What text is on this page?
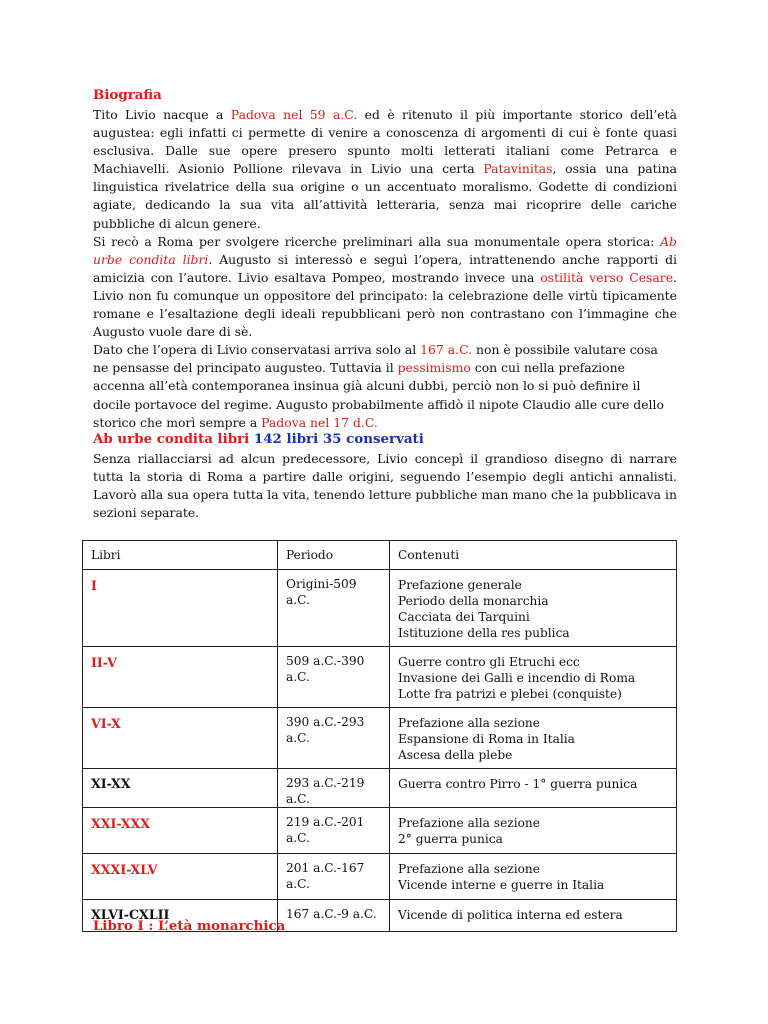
Biografia

Tito Livio nacque a Padova nel 59 a.C. ed è ritenuto il più importante storico dell’età augustea: egli infatti ci permette di venire a conoscenza di argomenti di cui è fonte quasi esclusiva. Dalle sue opere presero spunto molti letterati italiani come Petrarca e Machiavelli. Asionio Pollione rilevava in Livio una certa Patavinitas, ossia una patina linguistica rivelatrice della sua origine o un accentuato moralismo. Godette di condizioni agiate, dedicando la sua vita all’attività letteraria, senza mai ricoprire delle cariche pubbliche di alcun genere.

Si recò a Roma per svolgere ricerche preliminari alla sua monumentale opera storica: Ab urbe condita libri. Augusto si interessò e seguì l’opera, intrattenendo anche rapporti di amicizia con l’autore. Livio esaltava Pompeo, mostrando invece una ostilità verso Cesare. Livio non fu comunque un oppositore del principato: la celebrazione delle virtù tipicamente romane e l’esaltazione degli ideali repubblicani però non contrastano con l’immagine che Augusto vuole dare di sè.

Dato che l’opera di Livio conservatasi arriva solo al 167 a.C. non è possibile valutare cosa ne pensasse del principato augusteo. Tuttavia il pessimismo con cui nella prefazione accenna all’età contemporanea insinua già alcuni dubbi, perciò non lo si può definire il docile portavoce del regime. Augusto probabilmente affidò il nipote Claudio alle cure dello storico che morì sempre a Padova nel 17 d.C.

Ab urbe condita libri 142 libri 35 conservati

Senza riallacciarsi ad alcun predecessore, Livio concepì il grandioso disegno di narrare tutta la storia di Roma a partire dalle origini, seguendo l’esempio degli antichi annalisti. Lavorò alla sua opera tutta la vita, tenendo letture pubbliche man mano che la pubblicava in sezioni separate.

Libri	Periodo	Contenuti
I	Origini-509 a.C.	Prefazione generale
Periodo della monarchia
Cacciata dei Tarquini
Istituzione della res publica

II-V	509 a.C.-390 a.C.	Guerre contro gli Etruchi ecc
Invasione dei Galli e incendio di Roma
Lotte fra patrizi e plebei (conquiste)

VI-X	390 a.C.-293 a.C.	Prefazione alla sezione
Espansione di Roma in Italia
Ascesa della plebe

XI-XX	293 a.C.-219 a.C.	Guerra contro Pirro - 1° guerra punica

XXI-XXX	219 a.C.-201 a.C.	Prefazione alla sezione
2° guerra punica

XXXI-XLV	201 a.C.-167 a.C.	Prefazione alla sezione
Vicende interne e guerre in Italia

XLVI-CXLII	167 a.C.-9 a.C.	Vicende di politica interna ed estera
Libro I : L’età monarchica
